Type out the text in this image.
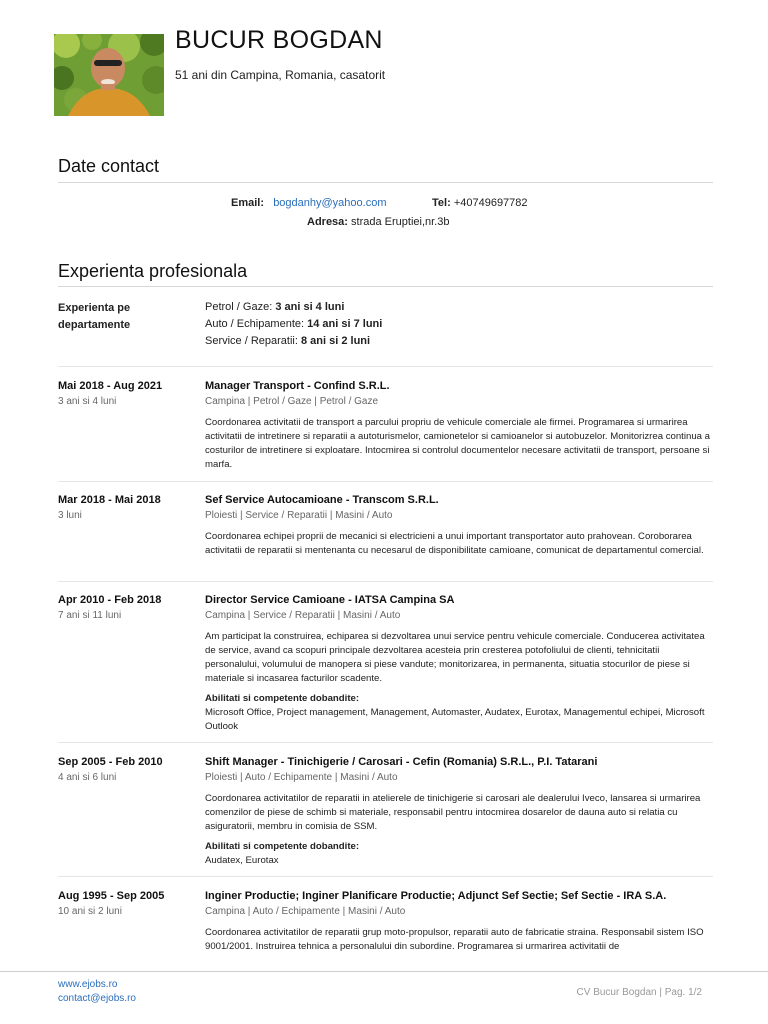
BUCUR BOGDAN
51 ani din Campina, Romania, casatorit
Date contact
Email: bogdanhy@yahoo.com	Tel: +40749697782
Adresa: strada Eruptiei,nr.3b
Experienta profesionala
Experienta pe
departamente
Petrol / Gaze: 3 ani si 4 luni
Auto / Echipamente: 14 ani si 7 luni
Service / Reparatii: 8 ani si 2 luni
Mai 2018 - Aug 2021
3 ani si 4 luni
Manager Transport - Confind S.R.L.
Campina | Petrol / Gaze | Petrol / Gaze
Coordonarea activitatii de transport a parcului propriu de vehicule comerciale ale firmei. Programarea si urmarirea activitatii de intretinere si reparatii a autoturismelor, camionetelor si camioanelor si autobuzelor. Monitorizrea continua a costurilor de intretinere si exploatare. Intocmirea si controlul documentelor necesare activitatii de transport, persoane si marfa.
Mar 2018 - Mai 2018
3 luni
Sef Service Autocamioane - Transcom S.R.L.
Ploiesti | Service / Reparatii | Masini / Auto
Coordonarea echipei proprii de mecanici si electricieni a unui important transportator auto prahovean. Coroborarea activitatii de reparatii si mentenanta cu necesarul de disponibilitate camioane, comunicat de departamentul comercial.
Apr 2010 - Feb 2018
7 ani si 11 luni
Director Service Camioane - IATSA Campina SA
Campina | Service / Reparatii | Masini / Auto
Am participat la construirea, echiparea si dezvoltarea unui service pentru vehicule comerciale. Conducerea activitatea de service, avand ca scopuri principale dezvoltarea acesteia prin cresterea potofoliului de clienti, tehnicitatii personalului, volumului de manopera si piese vandute; monitorizarea, in permanenta, situatia stocurilor de piese si materiale si incasarea facturilor scadente.
Abilitati si competente dobandite:
Microsoft Office, Project management, Management, Automaster, Audatex, Eurotax, Managementul echipei, Microsoft Outlook
Sep 2005 - Feb 2010
4 ani si 6 luni
Shift Manager - Tinichigerie / Carosari - Cefin (Romania) S.R.L., P.I. Tatarani
Ploiesti | Auto / Echipamente | Masini / Auto
Coordonarea activitatilor de reparatii in atelierele de tinichigerie si carosari ale dealerului Iveco, lansarea si urmarirea comenzilor de piese de schimb si materiale, responsabil pentru intocmirea dosarelor de dauna auto si relatia cu asiguratorii, membru in comisia de SSM.
Abilitati si competente dobandite:
Audatex, Eurotax
Aug 1995 - Sep 2005
10 ani si 2 luni
Inginer Productie; Inginer Planificare Productie; Adjunct Sef Sectie; Sef Sectie - IRA S.A.
Campina | Auto / Echipamente | Masini / Auto
Coordonarea activitatilor de reparatii grup moto-propulsor, reparatii auto de fabricatie straina. Responsabil sistem ISO 9001/2001. Instruirea tehnica a personalului din subordine. Programarea si urmarirea activitatii de
www.ejobs.ro
contact@ejobs.ro
CV Bucur Bogdan | Pag. 1/2
